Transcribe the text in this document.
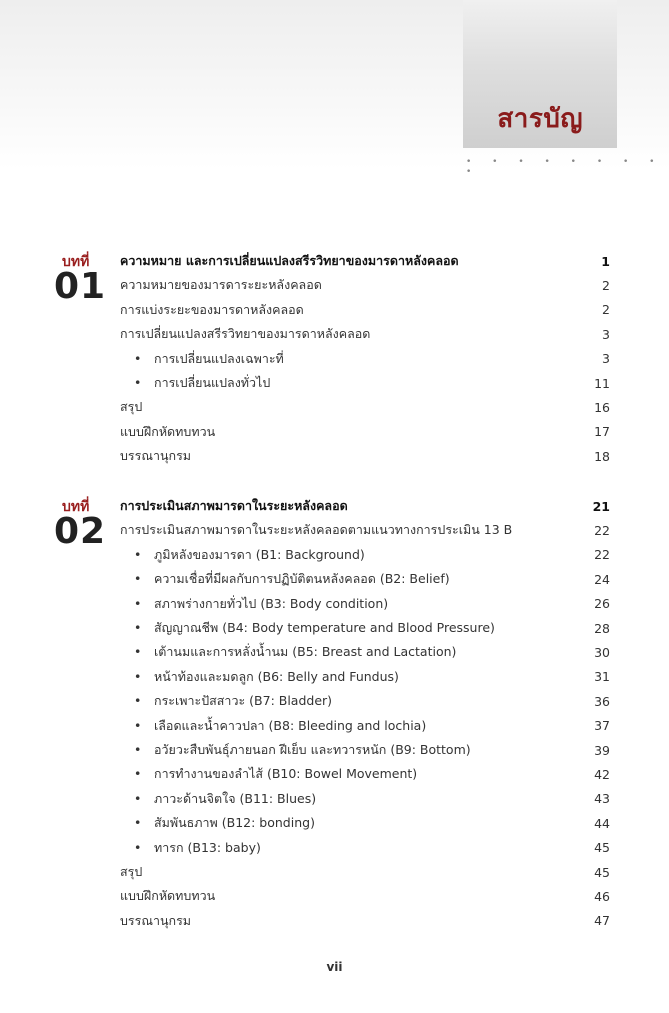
สารบัญ
• • • • • • • • •
บทที่
01
ความหมาย และการเปลี่ยนแปลงสรีรวิทยาของมารดาหลังคลอด	1
ความหมายของมารดาระยะหลังคลอด	2
การแบ่งระยะของมารดาหลังคลอด	2
การเปลี่ยนแปลงสรีรวิทยาของมารดาหลังคลอด	3
• การเปลี่ยนแปลงเฉพาะที่	3
• การเปลี่ยนแปลงทั่วไป	11
สรุป	16
แบบฝึกหัดทบทวน	17
บรรณานุกรม	18
บทที่
02
การประเมินสภาพมารดาในระยะหลังคลอด	21
การประเมินสภาพมารดาในระยะหลังคลอดตามแนวทางการประเมิน 13 B	22
• ภูมิหลังของมารดา (B1: Background)	22
• ความเชื่อที่มีผลกับการปฏิบัติตนหลังคลอด (B2: Belief)	24
• สภาพร่างกายทั่วไป (B3: Body condition)	26
• สัญญาณชีพ (B4: Body temperature and Blood Pressure)	28
• เต้านมและการหลั่งน้ำนม (B5: Breast and Lactation)	30
• หน้าท้องและมดลูก (B6: Belly and Fundus)	31
• กระเพาะปัสสาวะ (B7: Bladder)	36
• เลือดและน้ำคาวปลา (B8: Bleeding and lochia)	37
• อวัยวะสืบพันธุ์ภายนอก ฝีเย็บ และทวารหนัก (B9: Bottom)	39
• การทำงานของลำไส้ (B10: Bowel Movement)	42
• ภาวะด้านจิตใจ (B11: Blues)	43
• สัมพันธภาพ (B12: bonding)	44
• ทารก (B13: baby)	45
สรุป	45
แบบฝึกหัดทบทวน	46
บรรณานุกรม	47
vii
